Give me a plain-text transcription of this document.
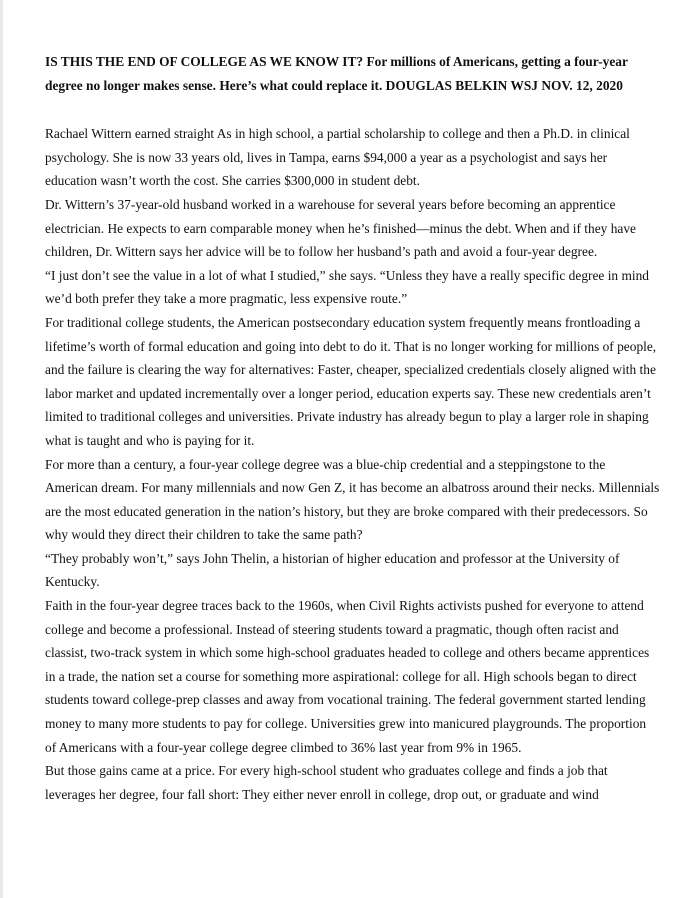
IS THIS THE END OF COLLEGE AS WE KNOW IT? For millions of Americans, getting a four-year degree no longer makes sense. Here’s what could replace it. DOUGLAS BELKIN WSJ NOV. 12, 2020

Rachael Wittern earned straight As in high school, a partial scholarship to college and then a Ph.D. in clinical psychology. She is now 33 years old, lives in Tampa, earns $94,000 a year as a psychologist and says her education wasn’t worth the cost. She carries $300,000 in student debt.

Dr. Wittern’s 37-year-old husband worked in a warehouse for several years before becoming an apprentice electrician. He expects to earn comparable money when he’s finished—minus the debt. When and if they have children, Dr. Wittern says her advice will be to follow her husband’s path and avoid a four-year degree.

“I just don’t see the value in a lot of what I studied,” she says. “Unless they have a really specific degree in mind we’d both prefer they take a more pragmatic, less expensive route.”

For traditional college students, the American postsecondary education system frequently means frontloading a lifetime’s worth of formal education and going into debt to do it. That is no longer working for millions of people, and the failure is clearing the way for alternatives: Faster, cheaper, specialized credentials closely aligned with the labor market and updated incrementally over a longer period, education experts say. These new credentials aren’t limited to traditional colleges and universities. Private industry has already begun to play a larger role in shaping what is taught and who is paying for it.

For more than a century, a four-year college degree was a blue-chip credential and a steppingstone to the American dream. For many millennials and now Gen Z, it has become an albatross around their necks. Millennials are the most educated generation in the nation’s history, but they are broke compared with their predecessors. So why would they direct their children to take the same path?

“They probably won’t,” says John Thelin, a historian of higher education and professor at the University of Kentucky.

Faith in the four-year degree traces back to the 1960s, when Civil Rights activists pushed for everyone to attend college and become a professional. Instead of steering students toward a pragmatic, though often racist and classist, two-track system in which some high-school graduates headed to college and others became apprentices in a trade, the nation set a course for something more aspirational: college for all. High schools began to direct students toward college-prep classes and away from vocational training. The federal government started lending money to many more students to pay for college. Universities grew into manicured playgrounds. The proportion of Americans with a four-year college degree climbed to 36% last year from 9% in 1965.

But those gains came at a price. For every high-school student who graduates college and finds a job that leverages her degree, four fall short: They either never enroll in college, drop out, or graduate and wind
